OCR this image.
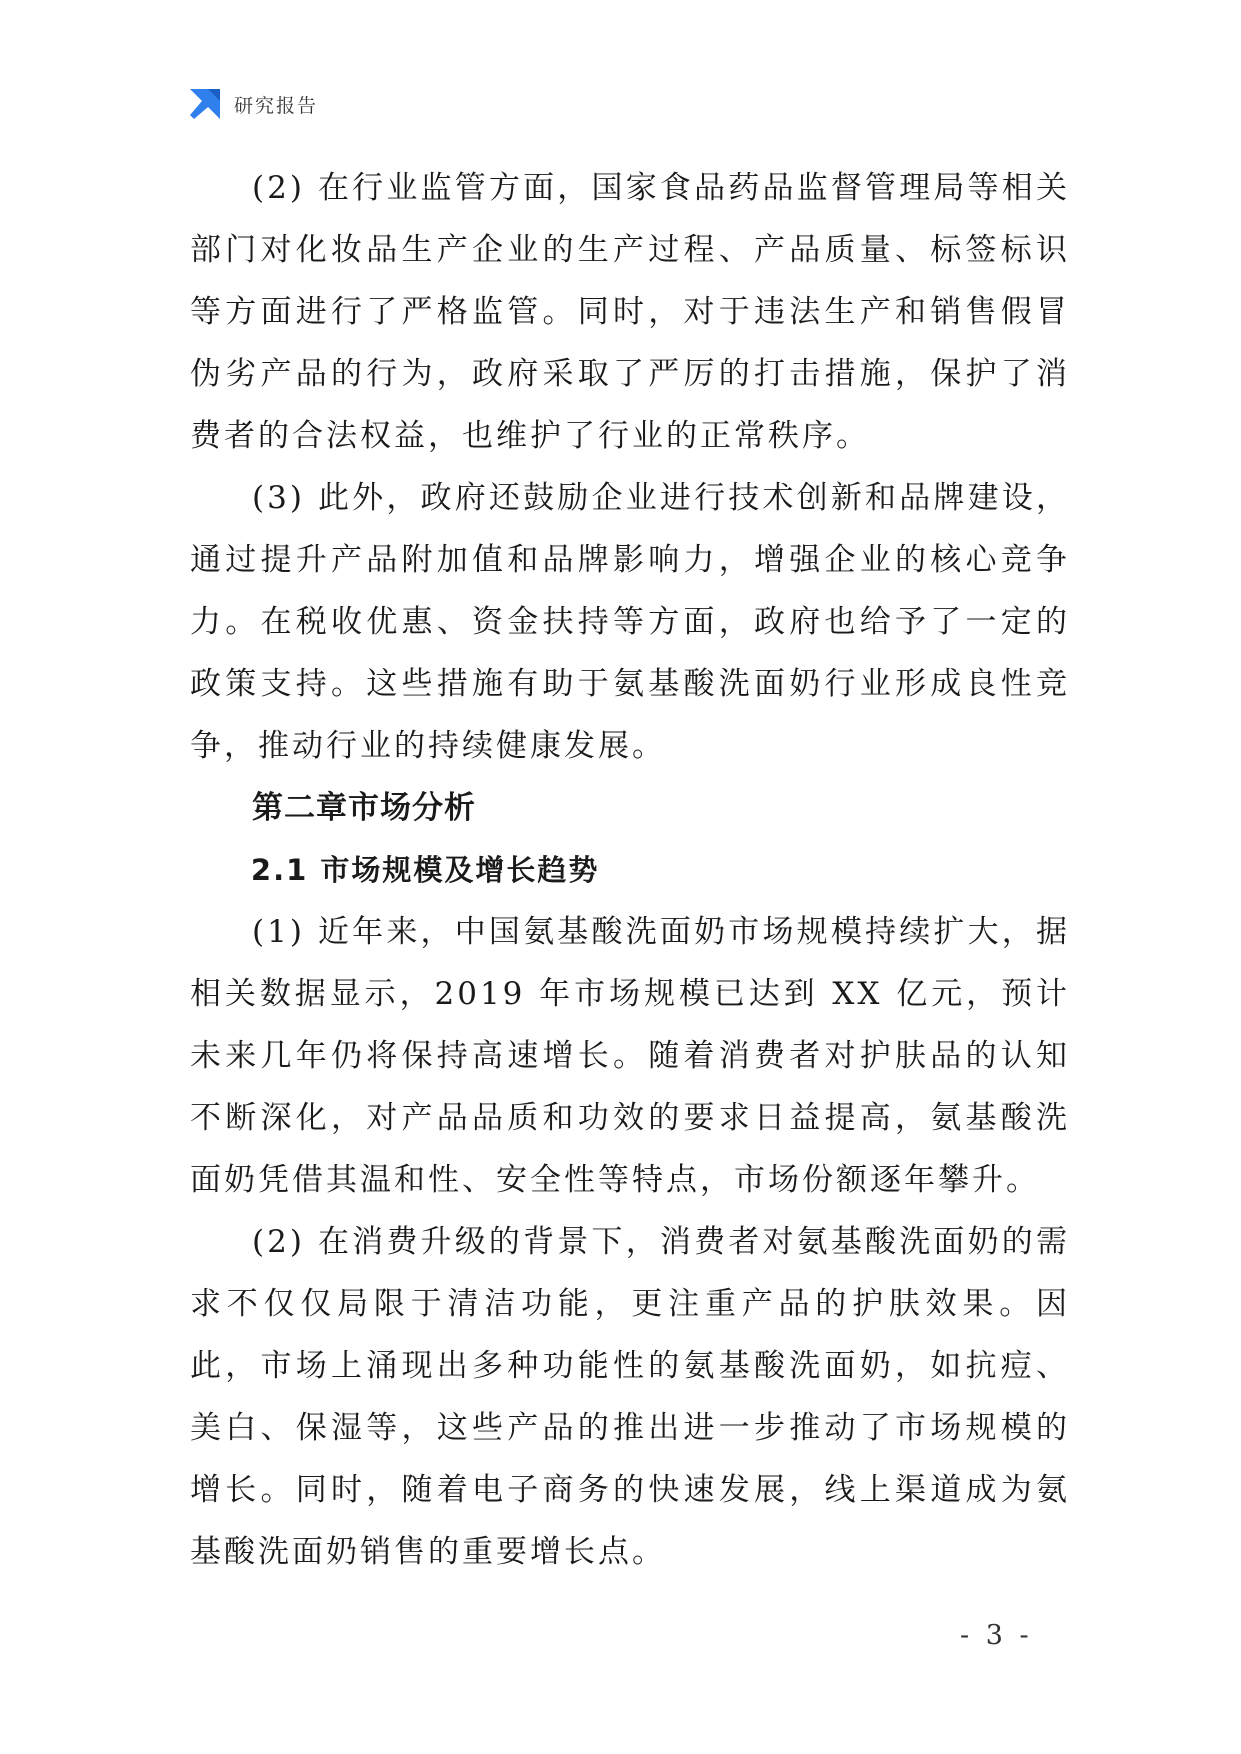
研究报告

(2) 在行业监管方面，国家食品药品监督管理局等相关部门对化妆品生产企业的生产过程、产品质量、标签标识等方面进行了严格监管。同时，对于违法生产和销售假冒伪劣产品的行为，政府采取了严厉的打击措施，保护了消费者的合法权益，也维护了行业的正常秩序。

(3) 此外，政府还鼓励企业进行技术创新和品牌建设，通过提升产品附加值和品牌影响力，增强企业的核心竞争力。在税收优惠、资金扶持等方面，政府也给予了一定的政策支持。这些措施有助于氨基酸洗面奶行业形成良性竞争，推动行业的持续健康发展。

第二章市场分析
2.1 市场规模及增长趋势

(1) 近年来，中国氨基酸洗面奶市场规模持续扩大，据相关数据显示，2019 年市场规模已达到 XX 亿元，预计未来几年仍将保持高速增长。随着消费者对护肤品的认知不断深化，对产品品质和功效的要求日益提高，氨基酸洗面奶凭借其温和性、安全性等特点，市场份额逐年攀升。

(2) 在消费升级的背景下，消费者对氨基酸洗面奶的需求不仅仅局限于清洁功能，更注重产品的护肤效果。因此，市场上涌现出多种功能性的氨基酸洗面奶，如抗痘、美白、保湿等，这些产品的推出进一步推动了市场规模的增长。同时，随着电子商务的快速发展，线上渠道成为氨基酸洗面奶销售的重要增长点。

- 3 -
